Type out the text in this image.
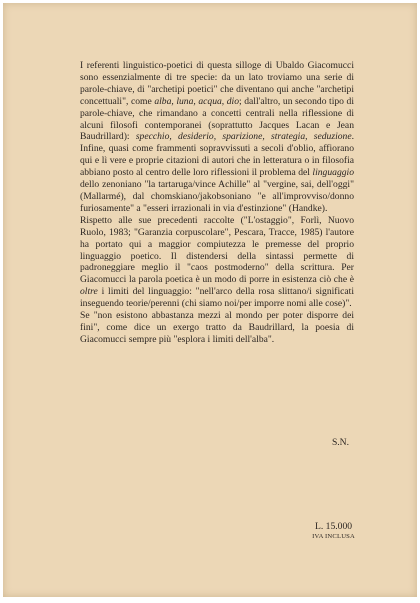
I referenti linguistico-poetici di questa silloge di Ubaldo Giacomucci sono essenzialmente di tre specie: da un lato troviamo una serie di parole-chiave, di "archetipi poetici" che diventano qui anche "archetipi concettuali", come alba, luna, acqua, dio; dall'altro, un secondo tipo di parole-chiave, che rimandano a concetti centrali nella riflessione di alcuni filosofi contemporanei (soprattutto Jacques Lacan e Jean Baudrillard): specchio, desiderio, sparizione, strategia, seduzione. Infine, quasi come frammenti sopravvissuti a secoli d'oblio, affiorano qui e lì vere e proprie citazioni di autori che in letteratura o in filosofia abbiano posto al centro delle loro riflessioni il problema del linguaggio dello zenoniano "la tartaruga/vince Achille" al "vergine, sai, dell'oggi" (Mallarmé), dal chomskiano/jakobsoniano "e all'improvviso/donno furiosamente" a "esseri irrazionali in via d'estinzione" (Handke).

Rispetto alle sue precedenti raccolte ("L'ostaggio", Forlì, Nuovo Ruolo, 1983; "Garanzia corpuscolare", Pescara, Tracce, 1985) l'autore ha portato qui a maggior compiutezza le premesse del proprio linguaggio poetico. Il distendersi della sintassi permette di padroneggiare meglio il "caos postmoderno" della scrittura. Per Giacomucci la parola poetica è un modo di porre in esistenza ciò che è oltre i limiti del linguaggio: "nell'arco della rosa slittano/i significati inseguendo teorie/perenni (chi siamo noi/per imporre nomi alle cose)".

Se "non esistono abbastanza mezzi al mondo per poter disporre dei fini", come dice un exergo tratto da Baudrillard, la poesia di Giacomucci sempre più "esplora i limiti dell'alba".

S.N.
L. 15.000
IVA INCLUSA
